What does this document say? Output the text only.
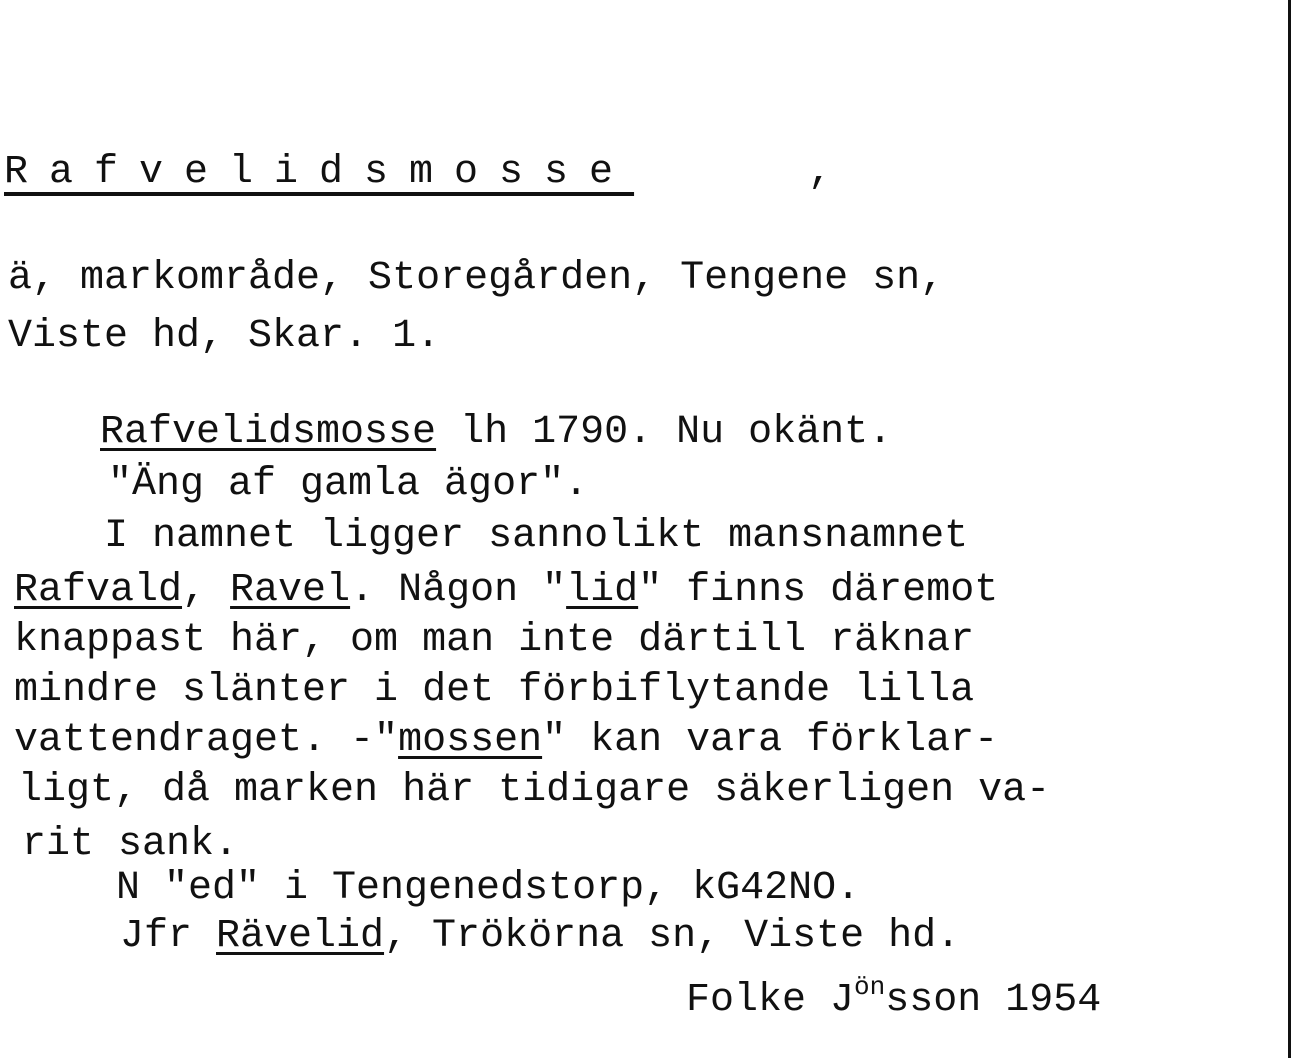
Rafvelidsmosse	,
ä, markområde, Storegården, Tengene sn,
Viste hd, Skar. 1.
Rafvelidsmosse lh 1790. Nu okänt.
"Äng af gamla ägor".
I namnet ligger sannolikt mansnamnet
Rafvald, Ravel. Någon "lid" finns däremot
knappast här, om man inte därtill räknar
mindre slänter i det förbiflytande lilla
vattendraget. -"mossen" kan vara förklar-
ligt, då marken här tidigare säkerligen va-
rit sank.
N "ed" i Tengenedstorp, kG42NO.
Jfr Rävelid, Trökörna sn, Viste hd.
Folke $J^{ön}sson$ 1954
